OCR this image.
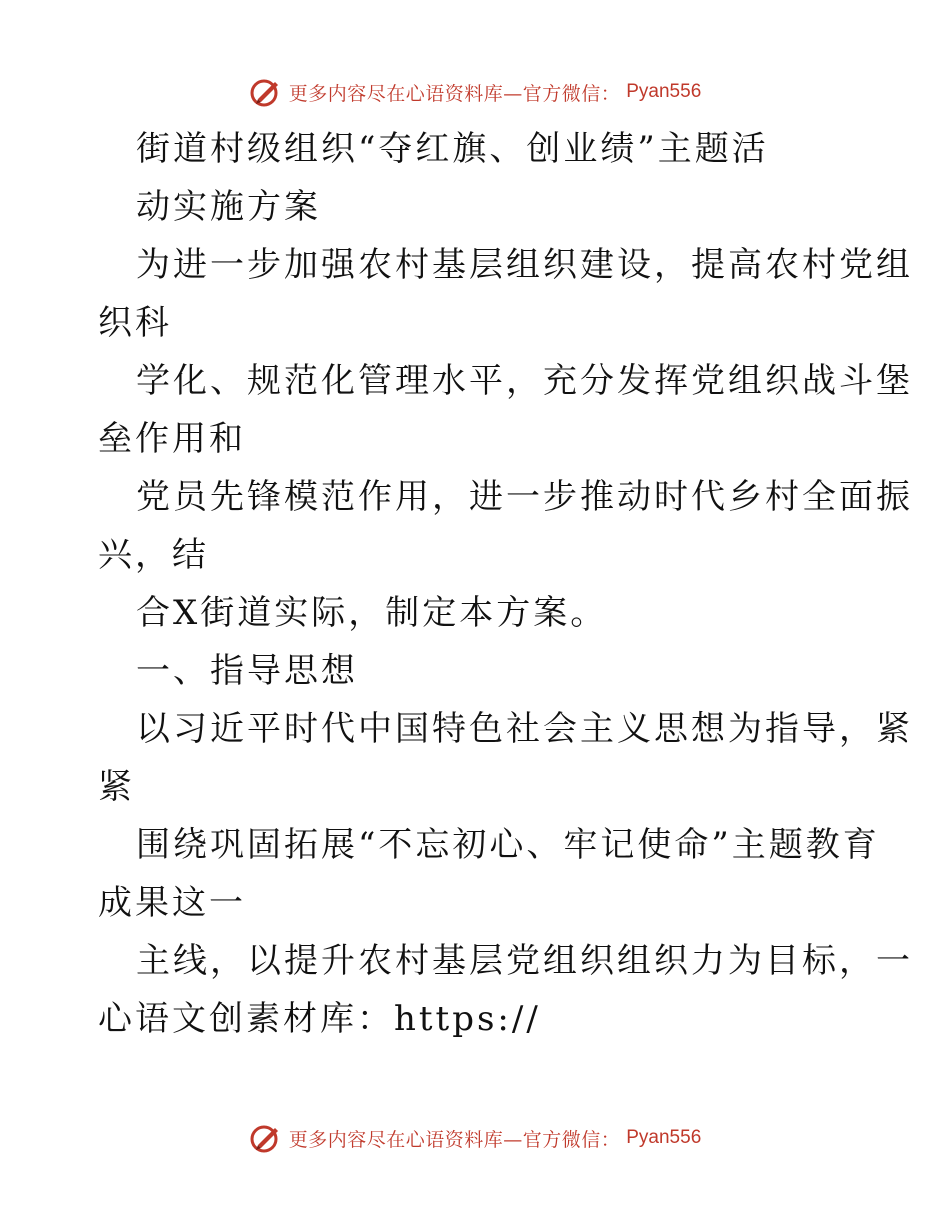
更多内容尽在心语资料库—官方微信： Pyan556
街道村级组织“夺红旗、创业绩”主题活
动实施方案
为进一步加强农村基层组织建设，提高农村党组
织科
学化、规范化管理水平，充分发挥党组织战斗堡
垒作用和
党员先锋模范作用，进一步推动时代乡村全面振
兴，结
合X街道实际，制定本方案。
一、指导思想
以习近平时代中国特色社会主义思想为指导，紧
紧
围绕巩固拓展“不忘初心、牢记使命”主题教育
成果这一
主线，以提升农村基层党组织组织力为目标，一
心语文创素材库：https://
更多内容尽在心语资料库—官方微信： Pyan556
